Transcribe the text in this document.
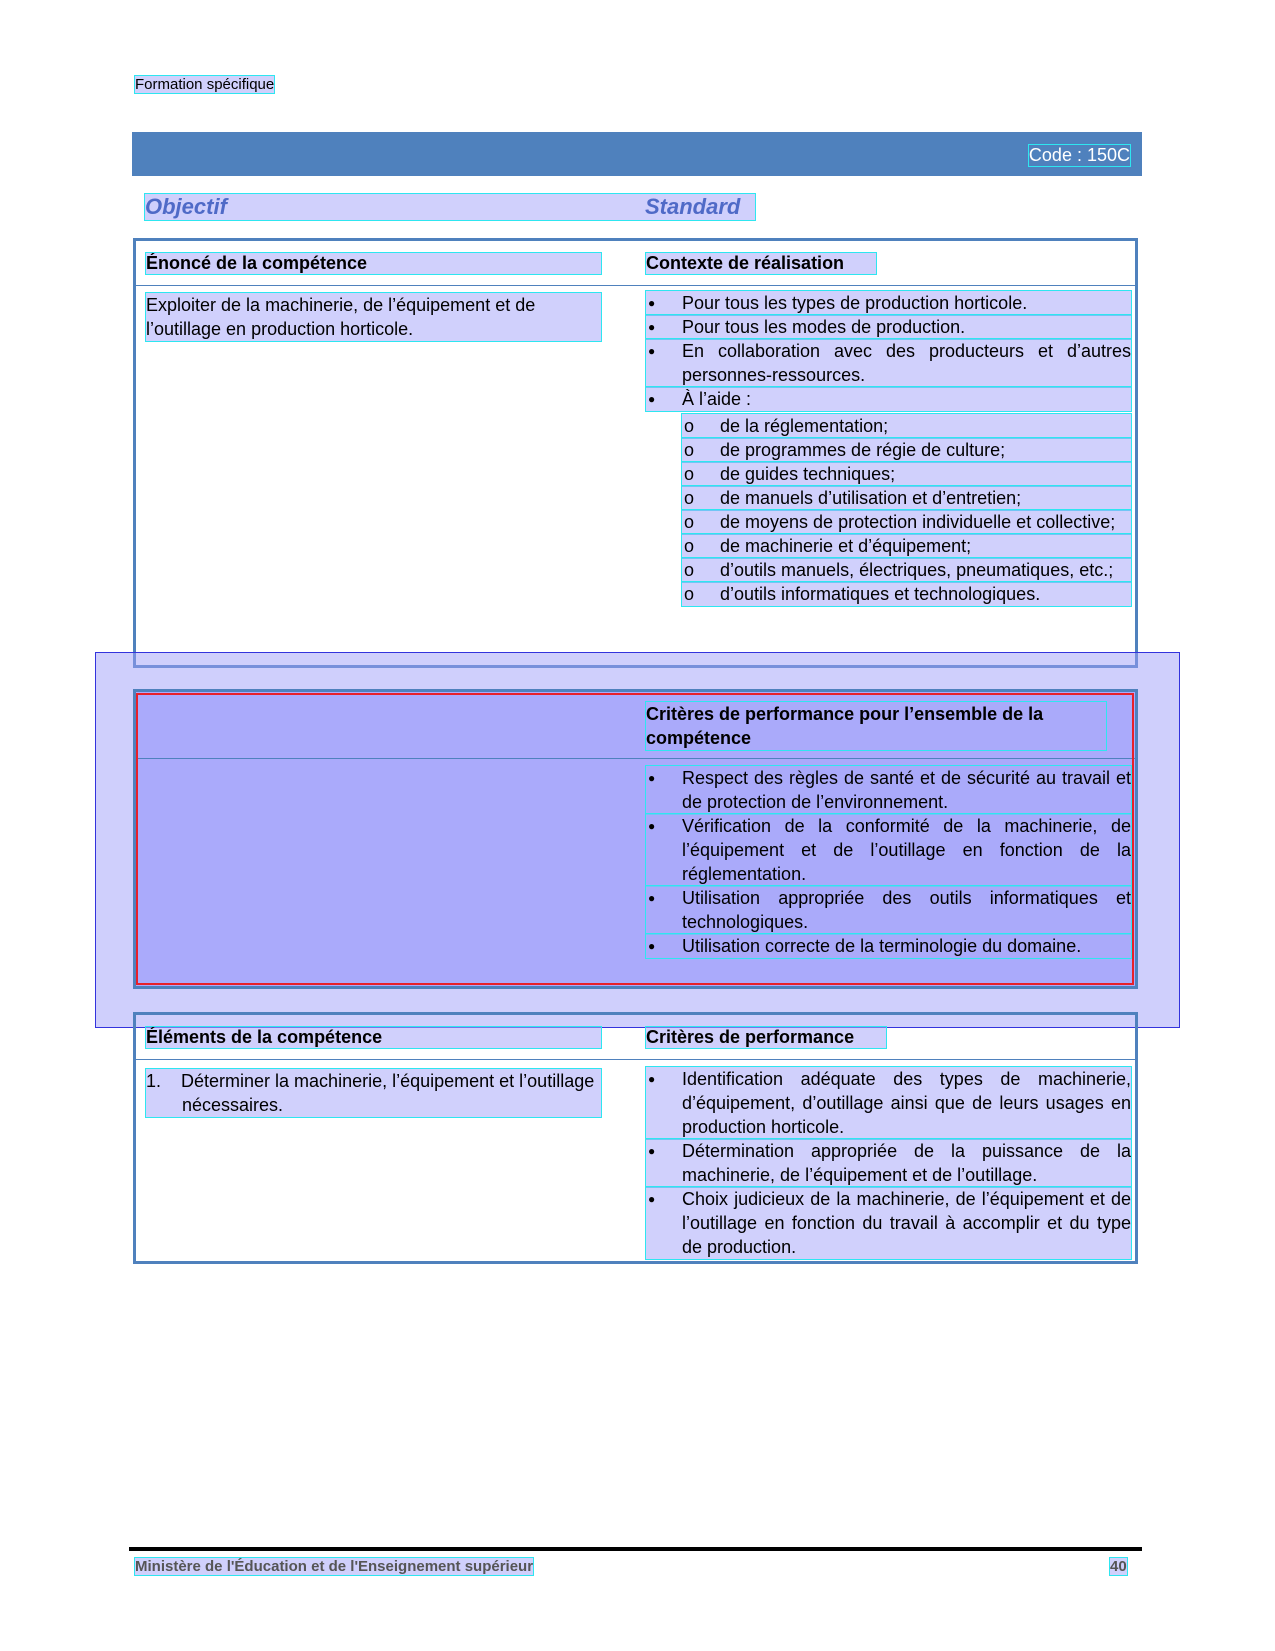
Formation spécifique
Code : 150C
Objectif	Standard
Énoncé de la compétence	Contexte de réalisation
Exploiter de la machinerie, de l’équipement et de l’outillage en production horticole.
● Pour tous les types de production horticole.
● Pour tous les modes de production.
● En collaboration avec des producteurs et d’autres personnes-ressources.
● À l’aide :
o de la réglementation;
o de programmes de régie de culture;
o de guides techniques;
o de manuels d’utilisation et d’entretien;
o de moyens de protection individuelle et collective;
o de machinerie et d’équipement;
o d’outils manuels, électriques, pneumatiques, etc.;
o d’outils informatiques et technologiques.
Critères de performance pour l’ensemble de la compétence
● Respect des règles de santé et de sécurité au travail et de protection de l’environnement.
● Vérification de la conformité de la machinerie, de l’équipement et de l’outillage en fonction de la réglementation.
● Utilisation appropriée des outils informatiques et technologiques.
● Utilisation correcte de la terminologie du domaine.
Éléments de la compétence	Critères de performance
1.    Déterminer la machinerie, l’équipement et l’outillage nécessaires.
● Identification adéquate des types de machinerie, d’équipement, d’outillage ainsi que de leurs usages en production horticole.
● Détermination appropriée de la puissance de la machinerie, de l’équipement et de l’outillage.
● Choix judicieux de la machinerie, de l’équipement et de l’outillage en fonction du travail à accomplir et du type de production.
Ministère de l'Éducation et de l'Enseignement supérieur	40
